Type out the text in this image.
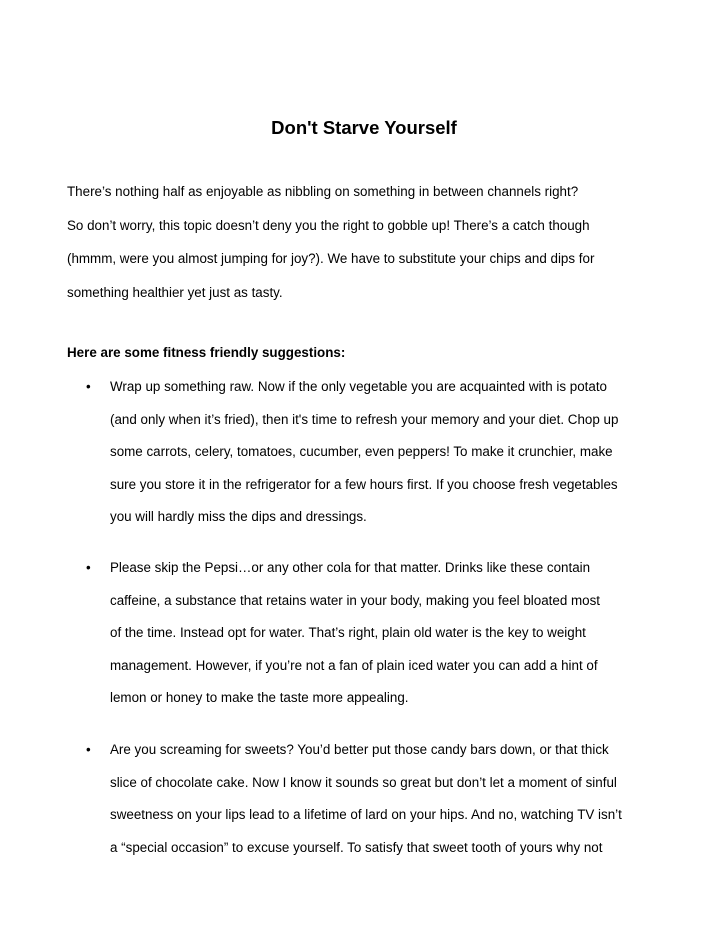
Don't Starve Yourself

There’s nothing half as enjoyable as nibbling on something in between channels right?

So don’t worry, this topic doesn’t deny you the right to gobble up! There’s a catch though

(hmmm, were you almost jumping for joy?). We have to substitute your chips and dips for

something healthier yet just as tasty.

Here are some fitness friendly suggestions:
• Wrap up something raw. Now if the only vegetable you are acquainted with is potato
(and only when it’s fried), then it's time to refresh your memory and your diet. Chop up
some carrots, celery, tomatoes, cucumber, even peppers! To make it crunchier, make
sure you store it in the refrigerator for a few hours first. If you choose fresh vegetables
you will hardly miss the dips and dressings.
• Please skip the Pepsi…or any other cola for that matter. Drinks like these contain
caffeine, a substance that retains water in your body, making you feel bloated most
of the time. Instead opt for water. That’s right, plain old water is the key to weight
management. However, if you’re not a fan of plain iced water you can add a hint of
lemon or honey to make the taste more appealing.
• Are you screaming for sweets? You’d better put those candy bars down, or that thick
slice of chocolate cake. Now I know it sounds so great but don’t let a moment of sinful
sweetness on your lips lead to a lifetime of lard on your hips. And no, watching TV isn’t
a “special occasion” to excuse yourself. To satisfy that sweet tooth of yours why not
